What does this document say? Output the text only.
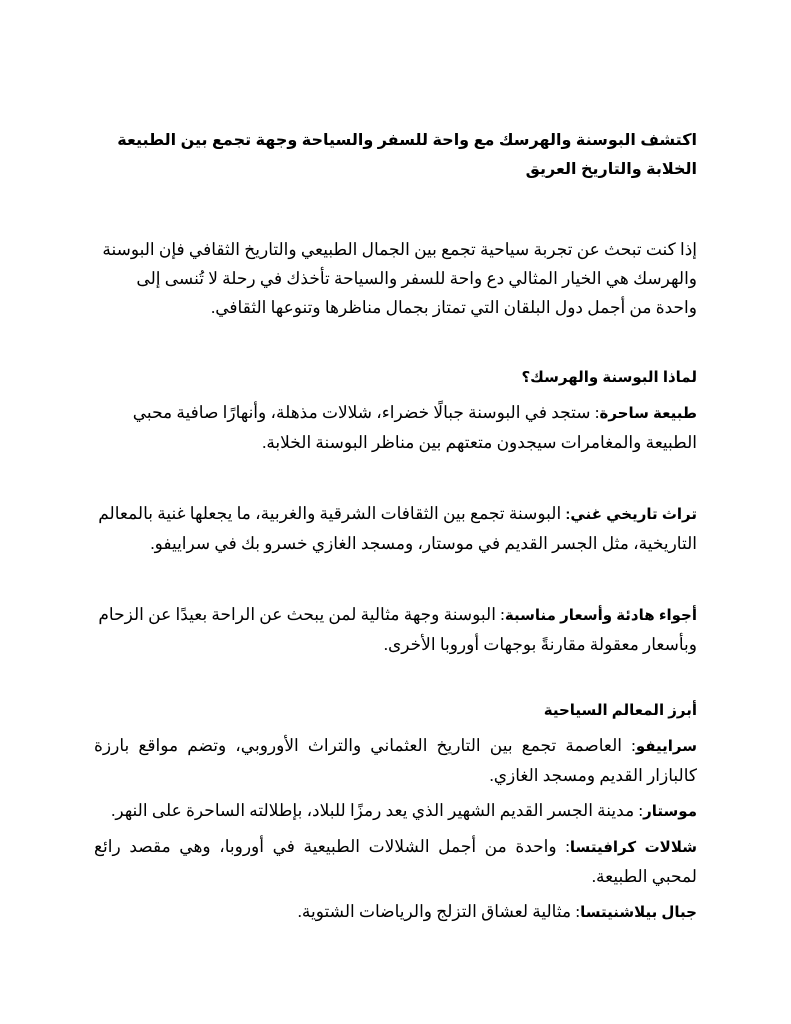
اكتشف البوسنة والهرسك مع واحة للسفر والسياحة وجهة تجمع بين الطبيعة الخلابة والتاريخ العريق

إذا كنت تبحث عن تجربة سياحية تجمع بين الجمال الطبيعي والتاريخ الثقافي فإن البوسنة والهرسك هي الخيار المثالي دع واحة للسفر والسياحة تأخذك في رحلة لا تُنسى إلى واحدة من أجمل دول البلقان التي تمتاز بجمال مناظرها وتنوعها الثقافي.

لماذا البوسنة والهرسك؟

طبيعة ساحرة: ستجد في البوسنة جبالًا خضراء، شلالات مذهلة، وأنهارًا صافية محبي الطبيعة والمغامرات سيجدون متعتهم بين مناظر البوسنة الخلابة.

تراث تاريخي غني: البوسنة تجمع بين الثقافات الشرقية والغربية، ما يجعلها غنية بالمعالم التاريخية، مثل الجسر القديم في موستار، ومسجد الغازي خسرو بك في سراييفو.

أجواء هادئة وأسعار مناسبة: البوسنة وجهة مثالية لمن يبحث عن الراحة بعيدًا عن الزحام وبأسعار معقولة مقارنةً بوجهات أوروبا الأخرى.

أبرز المعالم السياحية

سراييفو: العاصمة تجمع بين التاريخ العثماني والتراث الأوروبي، وتضم مواقع بارزة كالبازار القديم ومسجد الغازي.

موستار: مدينة الجسر القديم الشهير الذي يعد رمزًا للبلاد، بإطلالته الساحرة على النهر.

شلالات كرافيتسا: واحدة من أجمل الشلالات الطبيعية في أوروبا، وهي مقصد رائع لمحبي الطبيعة.

جبال بيلاشنيتسا: مثالية لعشاق التزلج والرياضات الشتوية.
